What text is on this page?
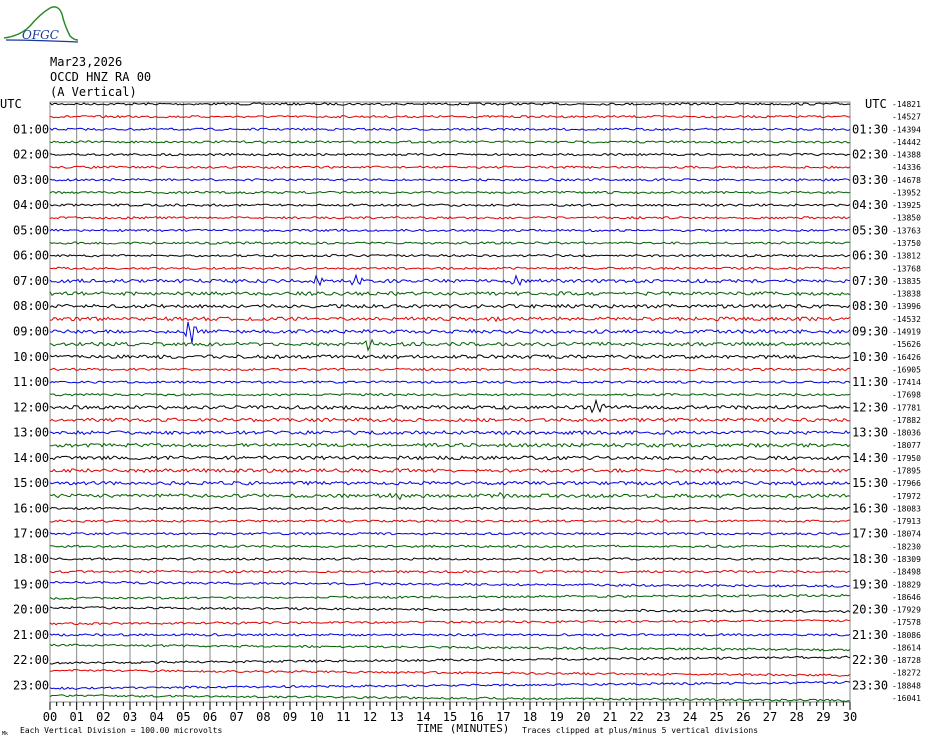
OFGC
Mar23,2026
OCCD HNZ RA 00
(A Vertical)
-14821
-14527
-14394
-14442
-14388
-14336
-14678
-13952
-13925
-13850
-13763
-13750
-13812
-13768
-13835
-13838
-13996
-14532
-14919
-15626
-16426
-16905
-17414
-17698
-17781
-17882
-18036
-18077
-17950
-17895
-17966
-17972
-18083
-17913
-18074
-18230
-18309
-18498
-18829
-18646
-17929
-17578
-18086
-18614
-18728
-18272
-18848
-16041
UTC	UTC
01:00
02:00
03:00
04:00
05:00
06:00
07:00
08:00
09:00
10:00
11:00
12:00
13:00
14:00
15:00
16:00
17:00
18:00
19:00
20:00
21:00
22:00
23:00
01:30
02:30
03:30
04:30
05:30
06:30
07:30
08:30
09:30
10:30
11:30
12:30
13:30
14:30
15:30
16:30
17:30
18:30
19:30
20:30
21:30
22:30
23:30
00 01 02 03 04 05 06 07 08 09 10 11 12 13 14 15 16 17 18 19 20 21 22 23 24 25 26 27 28 29 30
TIME (MINUTES)
Each Vertical Division = 100.00 microvolts	Traces clipped at plus/minus 5 vertical divisions
Mk
